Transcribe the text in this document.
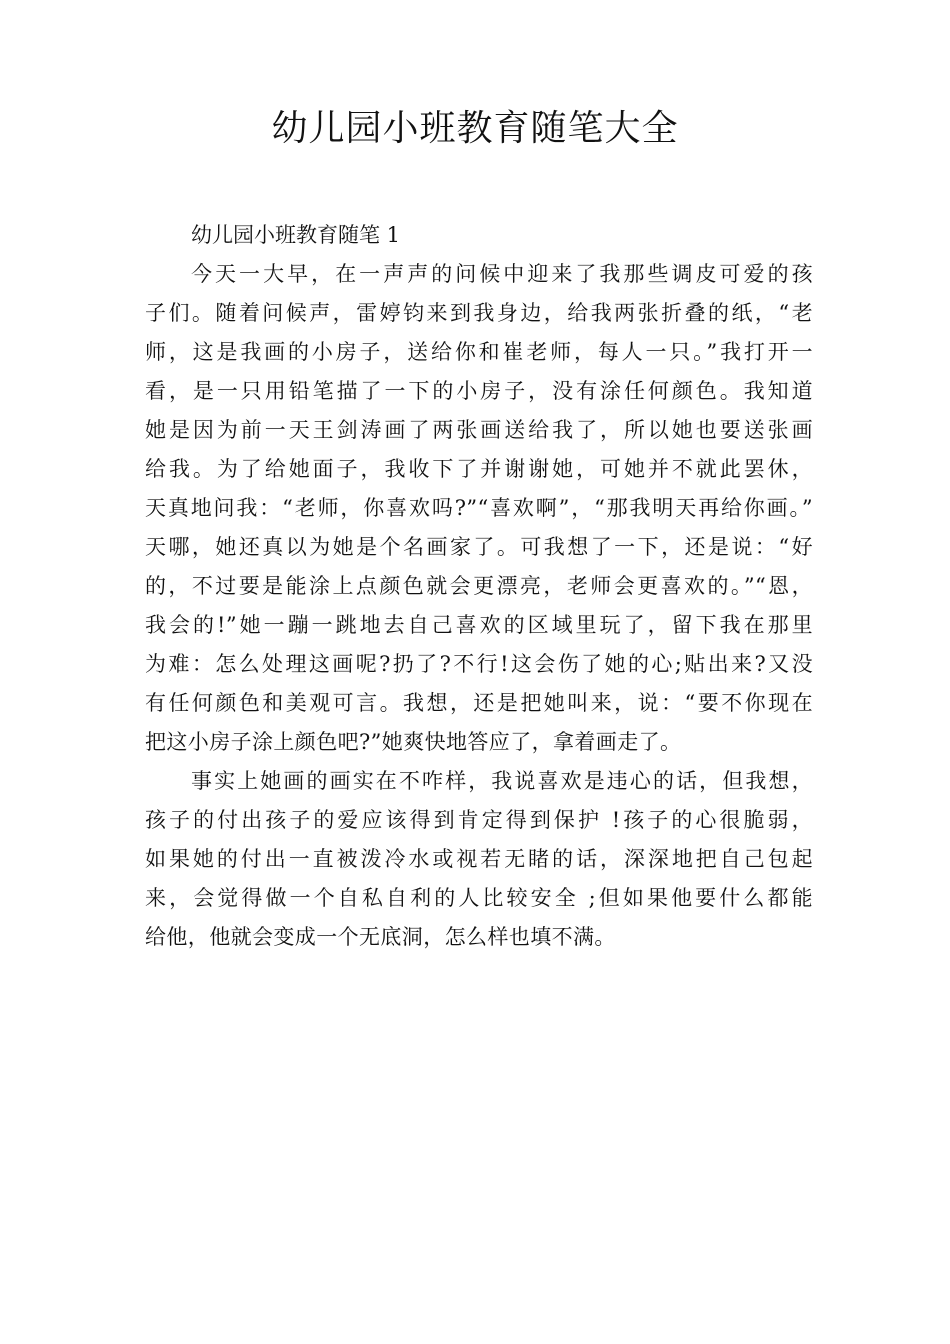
幼儿园小班教育随笔大全
幼儿园小班教育随笔 1

今天一大早，在一声声的问候中迎来了我那些调皮可爱的孩
子们。随着问候声，雷婷钧来到我身边，给我两张折叠的纸，“老
师，这是我画的小房子，送给你和崔老师，每人一只。”我打开一
看，是一只用铅笔描了一下的小房子，没有涂任何颜色。我知道
她是因为前一天王剑涛画了两张画送给我了，所以她也要送张画
给我。为了给她面子，我收下了并谢谢她，可她并不就此罢休，
天真地问我：“老师，你喜欢吗?”“喜欢啊”，“那我明天再给你画。”
天哪，她还真以为她是个名画家了。可我想了一下，还是说：“好
的，不过要是能涂上点颜色就会更漂亮，老师会更喜欢的。”“恩，
我会的!”她一蹦一跳地去自己喜欢的区域里玩了，留下我在那里
为难：怎么处理这画呢?扔了?不行!这会伤了她的心;贴出来?又没
有任何颜色和美观可言。我想，还是把她叫来，说：“要不你现在
把这小房子涂上颜色吧?”她爽快地答应了，拿着画走了。

事实上她画的画实在不咋样，我说喜欢是违心的话，但我想，
孩子的付出孩子的爱应该得到肯定得到保护 !孩子的心很脆弱，
如果她的付出一直被泼冷水或视若无睹的话，深深地把自己包起
来，会觉得做一个自私自利的人比较安全 ;但如果他要什么都能
给他，他就会变成一个无底洞，怎么样也填不满。
